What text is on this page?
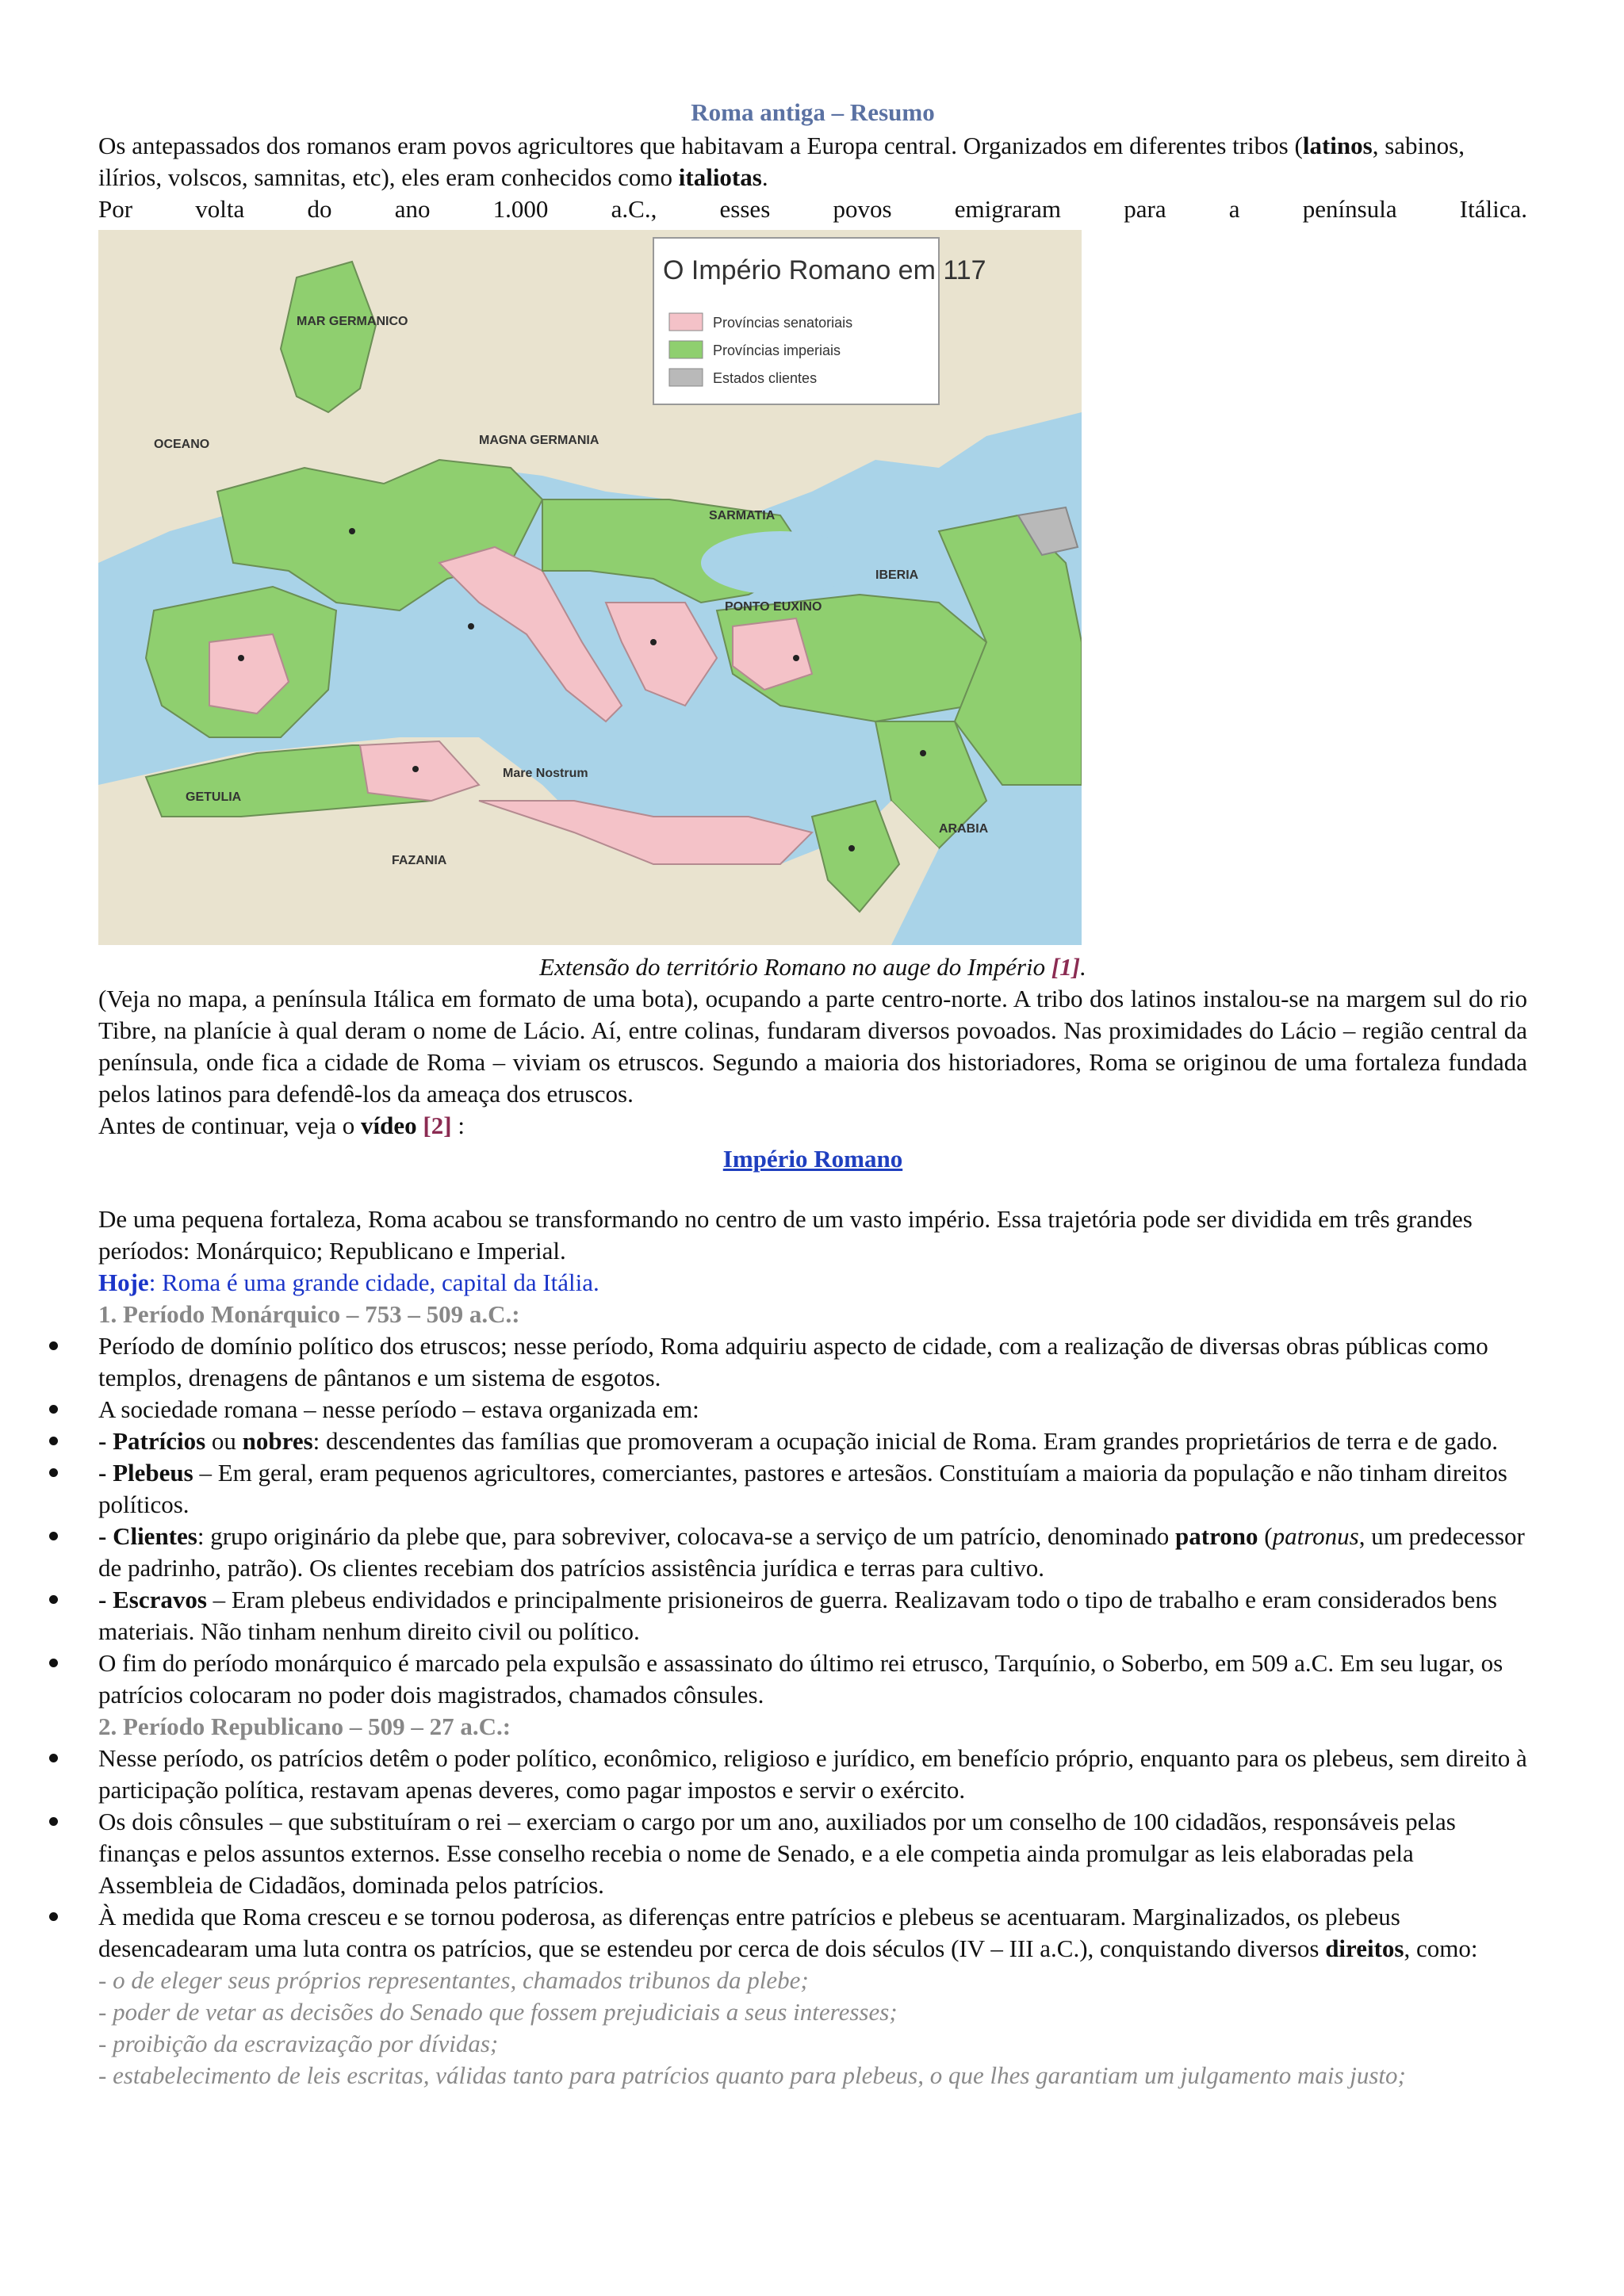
Roma antiga – Resumo

Os antepassados dos romanos eram povos agricultores que habitavam a Europa central. Organizados em diferentes tribos (latinos, sabinos, ilírios, volscos, samnitas, etc), eles eram conhecidos como italiotas.

Por volta do ano 1.000 a.C., esses povos emigraram para a península Itálica.

O Império Romano em 117
Províncias senatoriais
Províncias imperiais
Estados clientes
MAR GERMANICO
OCEANO	MAGNA GERMANIA
SARMATIA
PONTO EUXINO
IBERIA
Mare Nostrum
GETULIA
FAZANIA
ARABIA

Extensão do território Romano no auge do Império [1].

(Veja no mapa, a península Itálica em formato de uma bota), ocupando a parte centro-norte. A tribo dos latinos instalou-se na margem sul do rio Tibre, na planície à qual deram o nome de Lácio. Aí, entre colinas, fundaram diversos povoados. Nas proximidades do Lácio – região central da península, onde fica a cidade de Roma – viviam os etruscos. Segundo a maioria dos historiadores, Roma se originou de uma fortaleza fundada pelos latinos para defendê-los da ameaça dos etruscos.

Antes de continuar, veja o vídeo [2] :

Império Romano

De uma pequena fortaleza, Roma acabou se transformando no centro de um vasto império. Essa trajetória pode ser dividida em três grandes períodos: Monárquico; Republicano e Imperial.

Hoje: Roma é uma grande cidade, capital da Itália.

1. Período Monárquico – 753 – 509 a.C.:

Período de domínio político dos etruscos; nesse período, Roma adquiriu aspecto de cidade, com a realização de diversas obras públicas como templos, drenagens de pântanos e um sistema de esgotos.
A sociedade romana – nesse período – estava organizada em:
- Patrícios ou nobres: descendentes das famílias que promoveram a ocupação inicial de Roma. Eram grandes proprietários de terra e de gado.
- Plebeus – Em geral, eram pequenos agricultores, comerciantes, pastores e artesãos. Constituíam a maioria da população e não tinham direitos políticos.
- Clientes: grupo originário da plebe que, para sobreviver, colocava-se a serviço de um patrício, denominado patrono (patronus, um predecessor de padrinho, patrão). Os clientes recebiam dos patrícios assistência jurídica e terras para cultivo.
- Escravos – Eram plebeus endividados e principalmente prisioneiros de guerra. Realizavam todo o tipo de trabalho e eram considerados bens materiais. Não tinham nenhum direito civil ou político.
O fim do período monárquico é marcado pela expulsão e assassinato do último rei etrusco, Tarquínio, o Soberbo, em 509 a.C. Em seu lugar, os patrícios colocaram no poder dois magistrados, chamados cônsules.

2. Período Republicano – 509 – 27 a.C.:

Nesse período, os patrícios detêm o poder político, econômico, religioso e jurídico, em benefício próprio, enquanto para os plebeus, sem direito à participação política, restavam apenas deveres, como pagar impostos e servir o exército.
Os dois cônsules – que substituíram o rei – exerciam o cargo por um ano, auxiliados por um conselho de 100 cidadãos, responsáveis pelas finanças e pelos assuntos externos. Esse conselho recebia o nome de Senado, e a ele competia ainda promulgar as leis elaboradas pela Assembleia de Cidadãos, dominada pelos patrícios.
À medida que Roma cresceu e se tornou poderosa, as diferenças entre patrícios e plebeus se acentuaram. Marginalizados, os plebeus desencadearam uma luta contra os patrícios, que se estendeu por cerca de dois séculos (IV – III a.C.), conquistando diversos direitos, como:

- o de eleger seus próprios representantes, chamados tribunos da plebe;

- poder de vetar as decisões do Senado que fossem prejudiciais a seus interesses;

- proibição da escravização por dívidas;

- estabelecimento de leis escritas, válidas tanto para patrícios quanto para plebeus, o que lhes garantiam um julgamento mais justo;
